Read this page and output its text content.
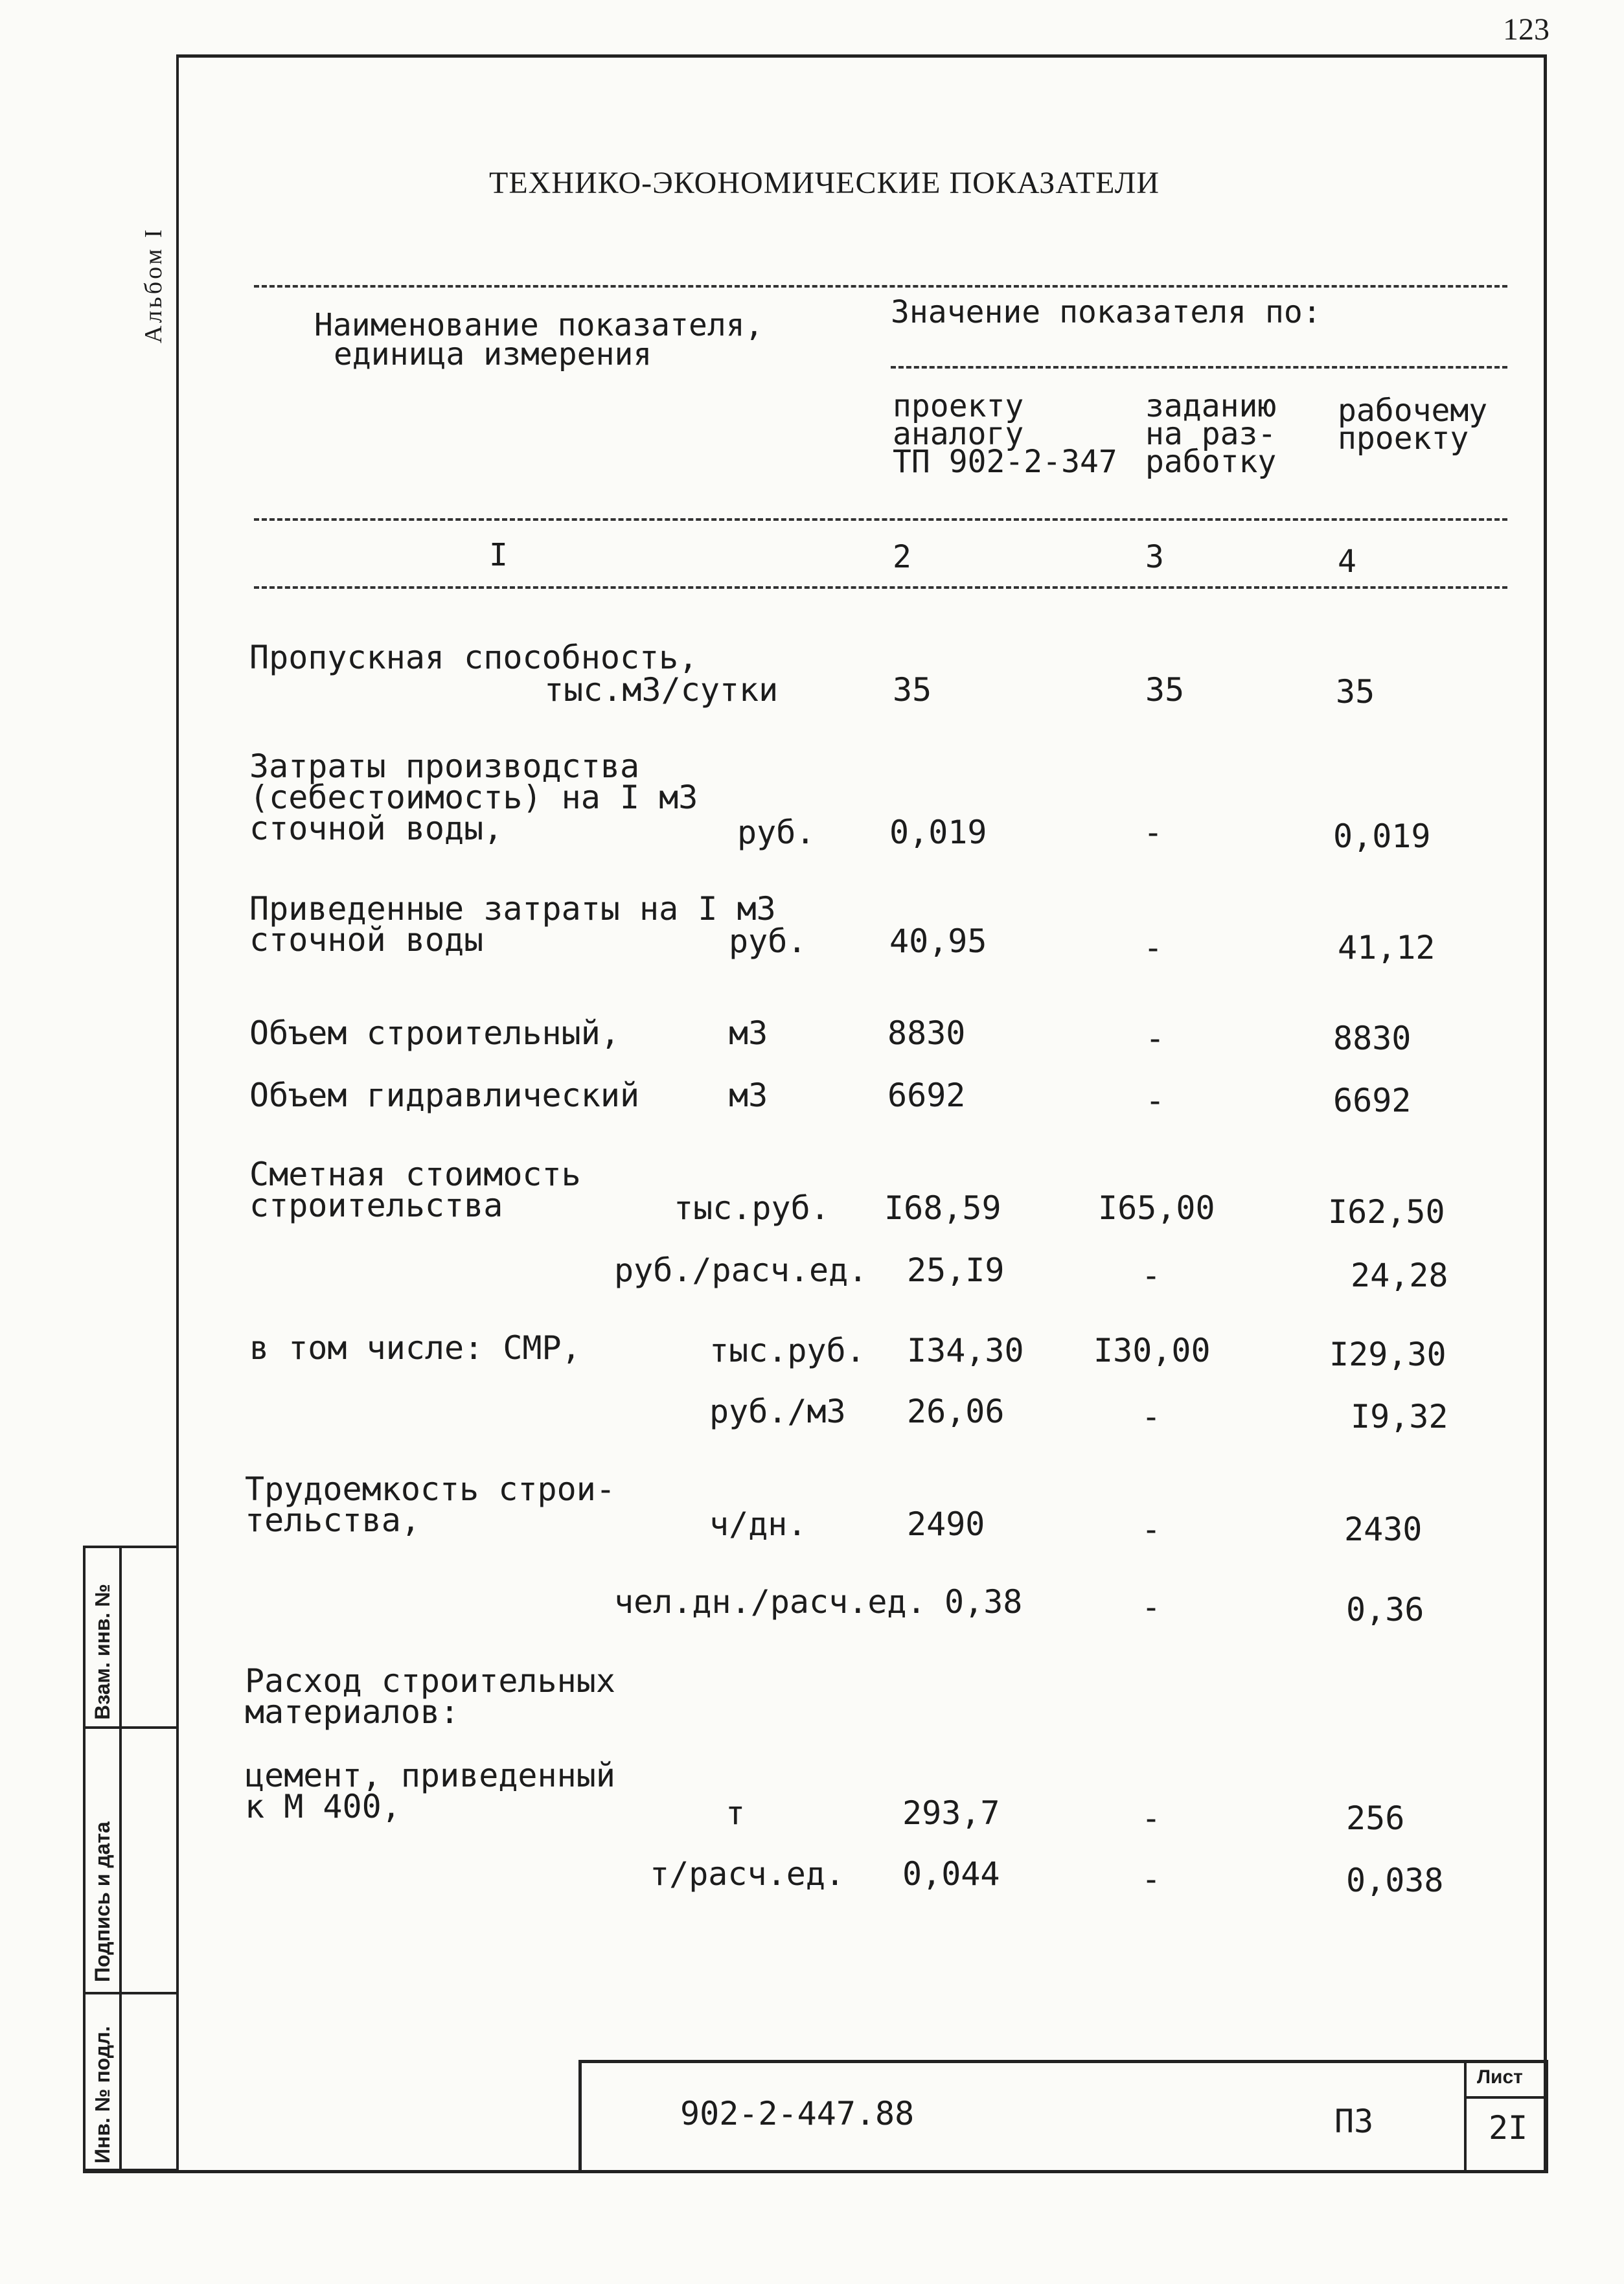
123
Альбом I
Взам. инв. №
Подпись и дата
Инв. № подл.
ТЕХНИКО-ЭКОНОМИЧЕСКИЕ ПОКАЗАТЕЛИ
Наименование показателя,
единица измерения
Значение показателя по:
проекту
аналогу
ТП 902-2-347
заданию
на раз-
работку
рабочему
проекту
I	2	3	4
Пропускная способность,
тыс.м3/сутки	35	35	35
Затраты производства
(себестоимость) на I м3
сточной воды,	руб. 0,019	-	0,019
Приведенные затраты на I м3
сточной воды	руб.	40,95	-	41,12
Объем строительный,	м3	8830	-	8830
Объем гидравлический	м3	6692	-	6692
Сметная стоимость
строительства	тыс.руб. I68,59	I65,00	I62,50
руб./расч.ед. 25,I9	-	24,28
в том числе: СМР,	тыс.руб. I34,30 I30,00	I29,30
руб./м3 26,06	-	I9,32
Трудоемкость строи-
тельства,	ч/дн.	2490	-	2430
чел.дн./расч.ед. 0,38	-	0,36
Расход строительных
материалов:
цемент, приведенный
к М 400,	т	293,7	-	256
т/расч.ед. 0,044	-	0,038
902-2-447.88	ПЗ
Лист
2I
